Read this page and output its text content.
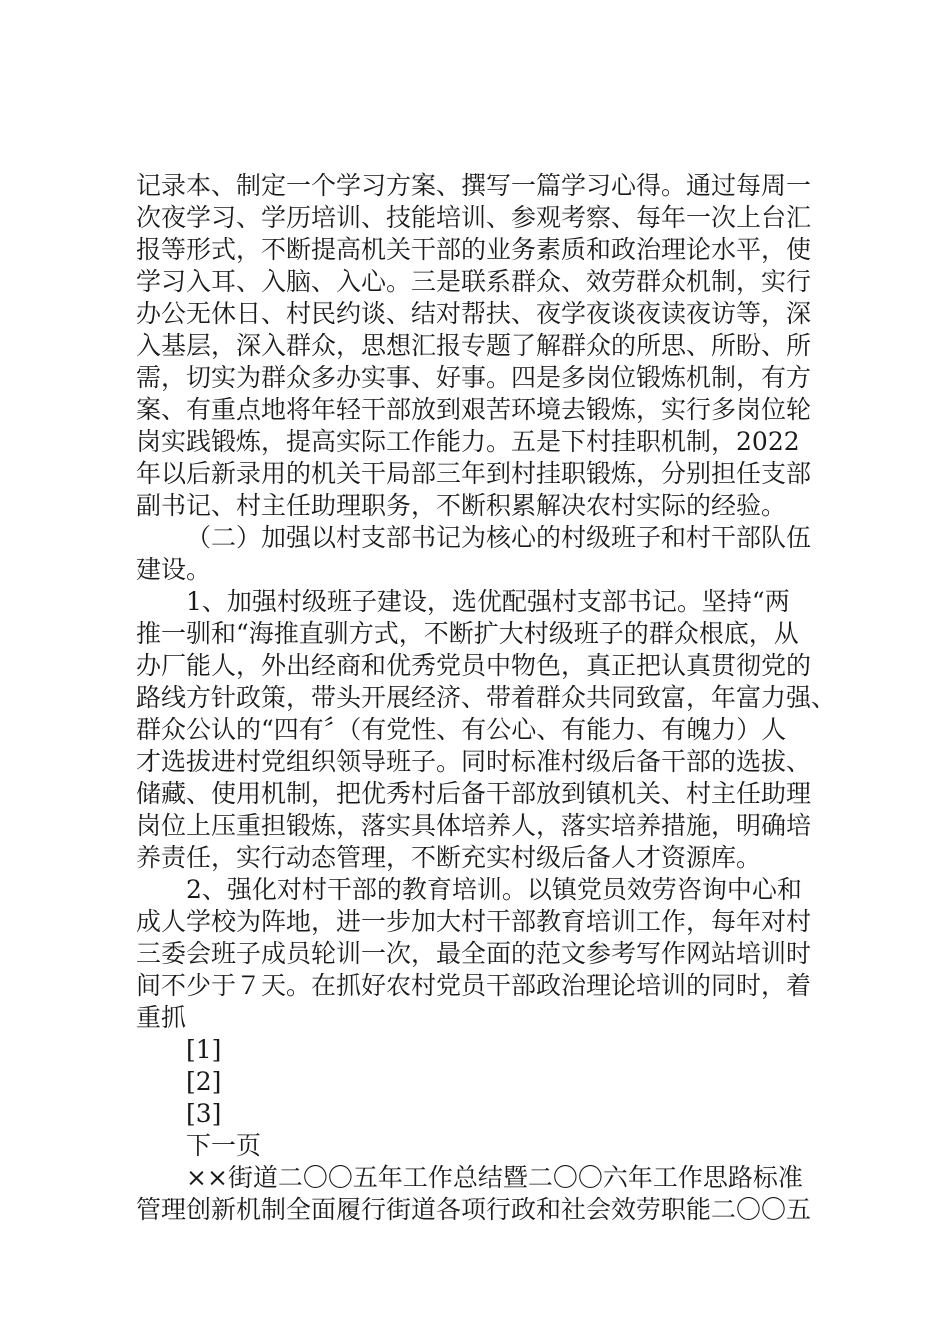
记录本、制定一个学习方案、撰写一篇学习心得。通过每周一
次夜学习、学历培训、技能培训、参观考察、每年一次上台汇
报等形式，不断提高机关干部的业务素质和政治理论水平，使
学习入耳、入脑、入心。三是联系群众、效劳群众机制，实行
办公无休日、村民约谈、结对帮扶、夜学夜谈夜读夜访等，深
入基层，深入群众，思想汇报专题了解群众的所思、所盼、所
需，切实为群众多办实事、好事。四是多岗位锻炼机制，有方
案、有重点地将年轻干部放到艰苦环境去锻炼，实行多岗位轮
岗实践锻炼，提高实际工作能力。五是下村挂职机制，2022
年以后新录用的机关干局部三年到村挂职锻炼，分别担任支部
副书记、村主任助理职务，不断积累解决农村实际的经验。
（二）加强以村支部书记为核心的村级班子和村干部队伍
建设。
1、加强村级班子建设，选优配强村支部书记。坚持“两
推一驯和“海推直驯方式，不断扩大村级班子的群众根底，从
办厂能人，外出经商和优秀党员中物色，真正把认真贯彻党的
路线方针政策，带头开展经济、带着群众共同致富，年富力强、
群众公认的“四有〞（有党性、有公心、有能力、有魄力）人
才选拔进村党组织领导班子。同时标准村级后备干部的选拔、
储藏、使用机制，把优秀村后备干部放到镇机关、村主任助理
岗位上压重担锻炼，落实具体培养人，落实培养措施，明确培
养责任，实行动态管理，不断充实村级后备人才资源库。
2、强化对村干部的教育培训。以镇党员效劳咨询中心和
成人学校为阵地，进一步加大村干部教育培训工作，每年对村
三委会班子成员轮训一次，最全面的范文参考写作网站培训时
间不少于７天。在抓好农村党员干部政治理论培训的同时，着
重抓
[1]
[2]
[3]
下一页
××街道二〇〇五年工作总结暨二〇〇六年工作思路标准
管理创新机制全面履行街道各项行政和社会效劳职能二〇〇五
